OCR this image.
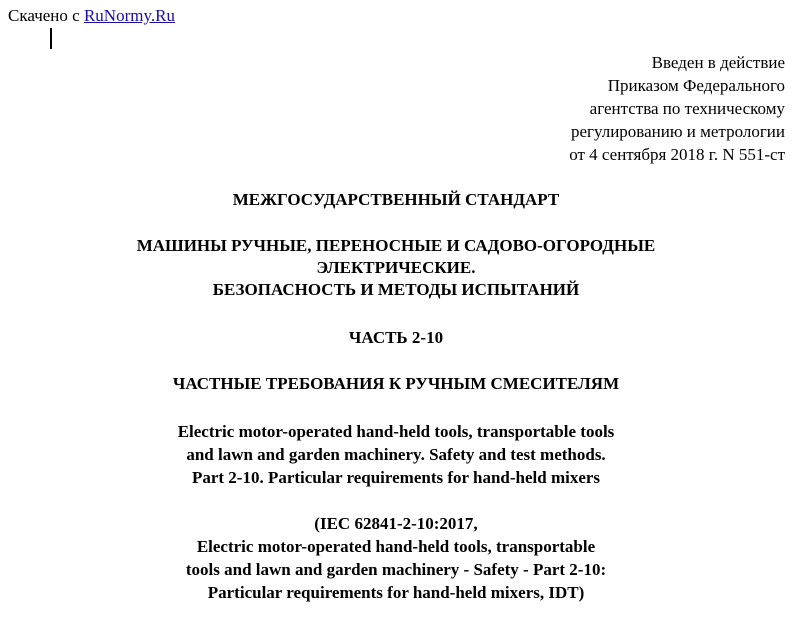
Скачено с RuNormy.Ru
Введен в действие
Приказом Федерального
агентства по техническому
регулированию и метрологии
от 4 сентября 2018 г. N 551-ст
МЕЖГОСУДАРСТВЕННЫЙ СТАНДАРТ
МАШИНЫ РУЧНЫЕ, ПЕРЕНОСНЫЕ И САДОВО-ОГОРОДНЫЕ
ЭЛЕКТРИЧЕСКИЕ.
БЕЗОПАСНОСТЬ И МЕТОДЫ ИСПЫТАНИЙ
ЧАСТЬ 2-10
ЧАСТНЫЕ ТРЕБОВАНИЯ К РУЧНЫМ СМЕСИТЕЛЯМ
Electric motor-operated hand-held tools, transportable tools
and lawn and garden machinery. Safety and test methods.
Part 2-10. Particular requirements for hand-held mixers
(IEC 62841-2-10:2017,
Electric motor-operated hand-held tools, transportable
tools and lawn and garden machinery - Safety - Part 2-10:
Particular requirements for hand-held mixers, IDT)
